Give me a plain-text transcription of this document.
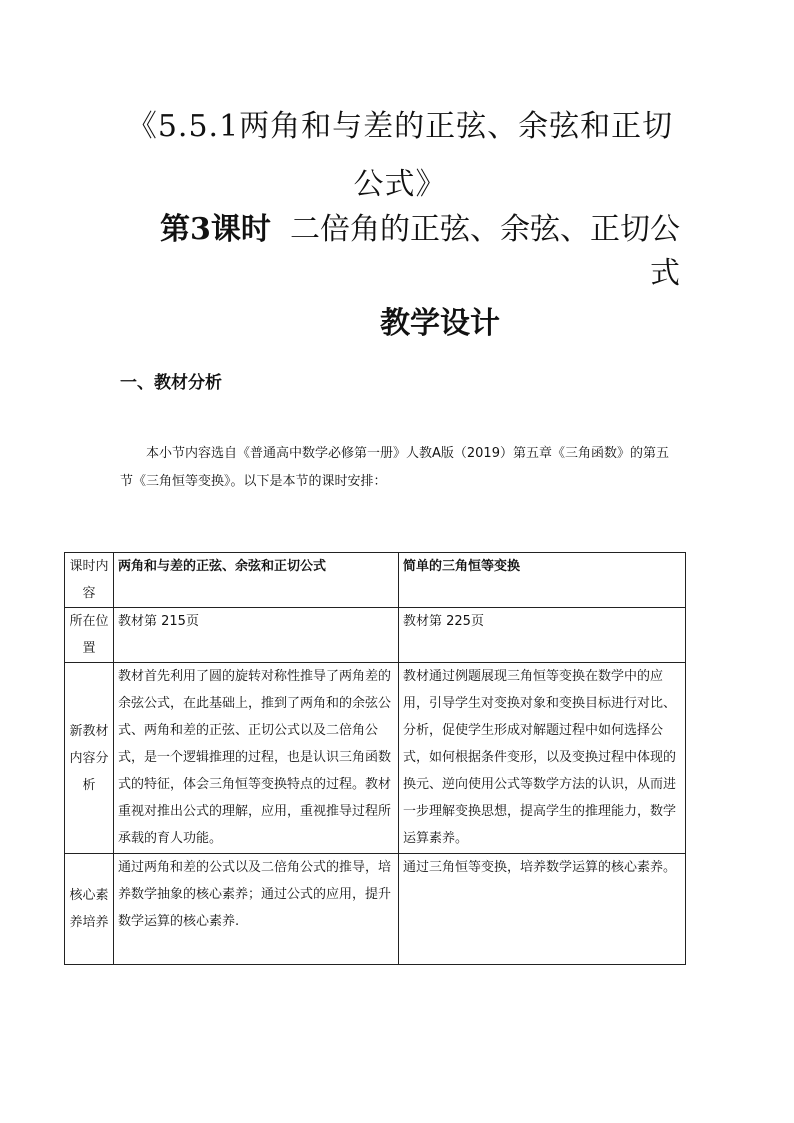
《5.5.1两角和与差的正弦、余弦和正切公式》
第3课时 二倍角的正弦、余弦、正切公式
教学设计
一、教材分析

本小节内容选自《普通高中数学必修第一册》人教A版（2019）第五章《三角函数》的第五节《三角恒等变换》。以下是本节的课时安排：

课时内容	两角和与差的正弦、余弦和正切公式	简单的三角恒等变换
所在位置	教材第 215页	教材第 225页
新教材内容分析	教材首先利用了圆的旋转对称性推导了两角差的余弦公式，在此基础上，推到了两角和的余弦公式、两角和差的正弦、正切公式以及二倍角公式，是一个逻辑推理的过程，也是认识三角函数式的特征，体会三角恒等变换特点的过程。教材重视对推出公式的理解，应用，重视推导过程所承载的育人功能。	教材通过例题展现三角恒等变换在数学中的应用，引导学生对变换对象和变换目标进行对比、分析，促使学生形成对解题过程中如何选择公式，如何根据条件变形，以及变换过程中体现的换元、逆向使用公式等数学方法的认识，从而进一步理解变换思想，提高学生的推理能力，数学运算素养。
核心素养培养	通过两角和差的公式以及二倍角公式的推导，培养数学抽象的核心素养；通过公式的应用，提升数学运算的核心素养.	通过三角恒等变换，培养数学运算的核心素养。
